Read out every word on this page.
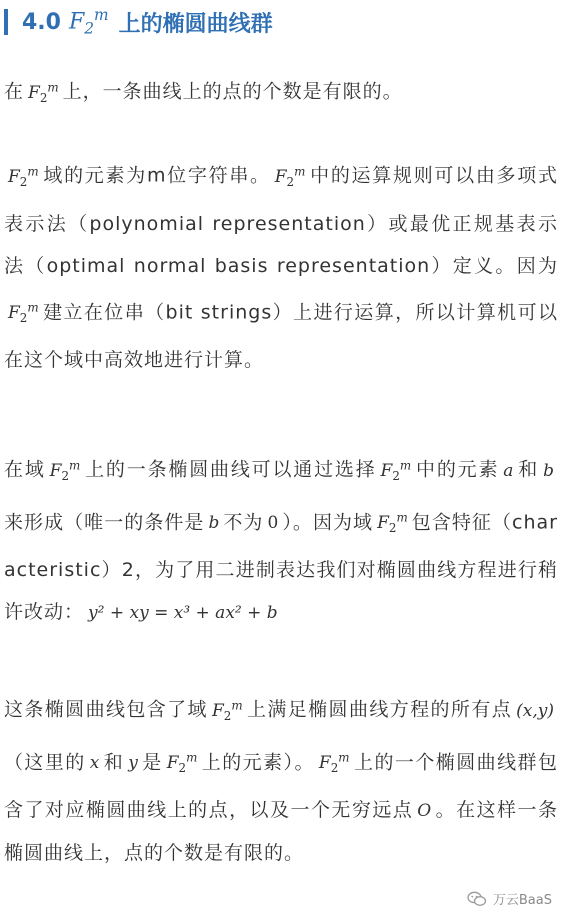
4.0 $F_2^m$ 上的椭圆曲线群
在 $F_2^m$ 上，一条曲线上的点的个数是有限的。
$F_2^m$ 域的元素为m位字符串。 $F_2^m$ 中的运算规则可以由多项式表示法（polynomial representation）或最优正规基表示法（optimal normal basis representation）定义。因为$F_2^m$ 建立在位串（bit strings）上进行运算，所以计算机可以在这个域中高效地进行计算。
在域 $F_2^m$ 上的一条椭圆曲线可以通过选择 $F_2^m$ 中的元素 a 和 b来形成（唯一的条件是 b 不为 0 ）。因为域 $F_2^m$ 包含特征（characteristic）2，为了用二进制表达我们对椭圆曲线方程进行稍许改动： y² + xy = x³ + ax² + b
这条椭圆曲线包含了域 $F_2^m$ 上满足椭圆曲线方程的所有点 (x,y)（这里的 x 和 y 是 $F_2^m$ 上的元素）。 $F_2^m$ 上的一个椭圆曲线群包含了对应椭圆曲线上的点，以及一个无穷远点 O 。在这样一条椭圆曲线上，点的个数是有限的。
万云BaaS
